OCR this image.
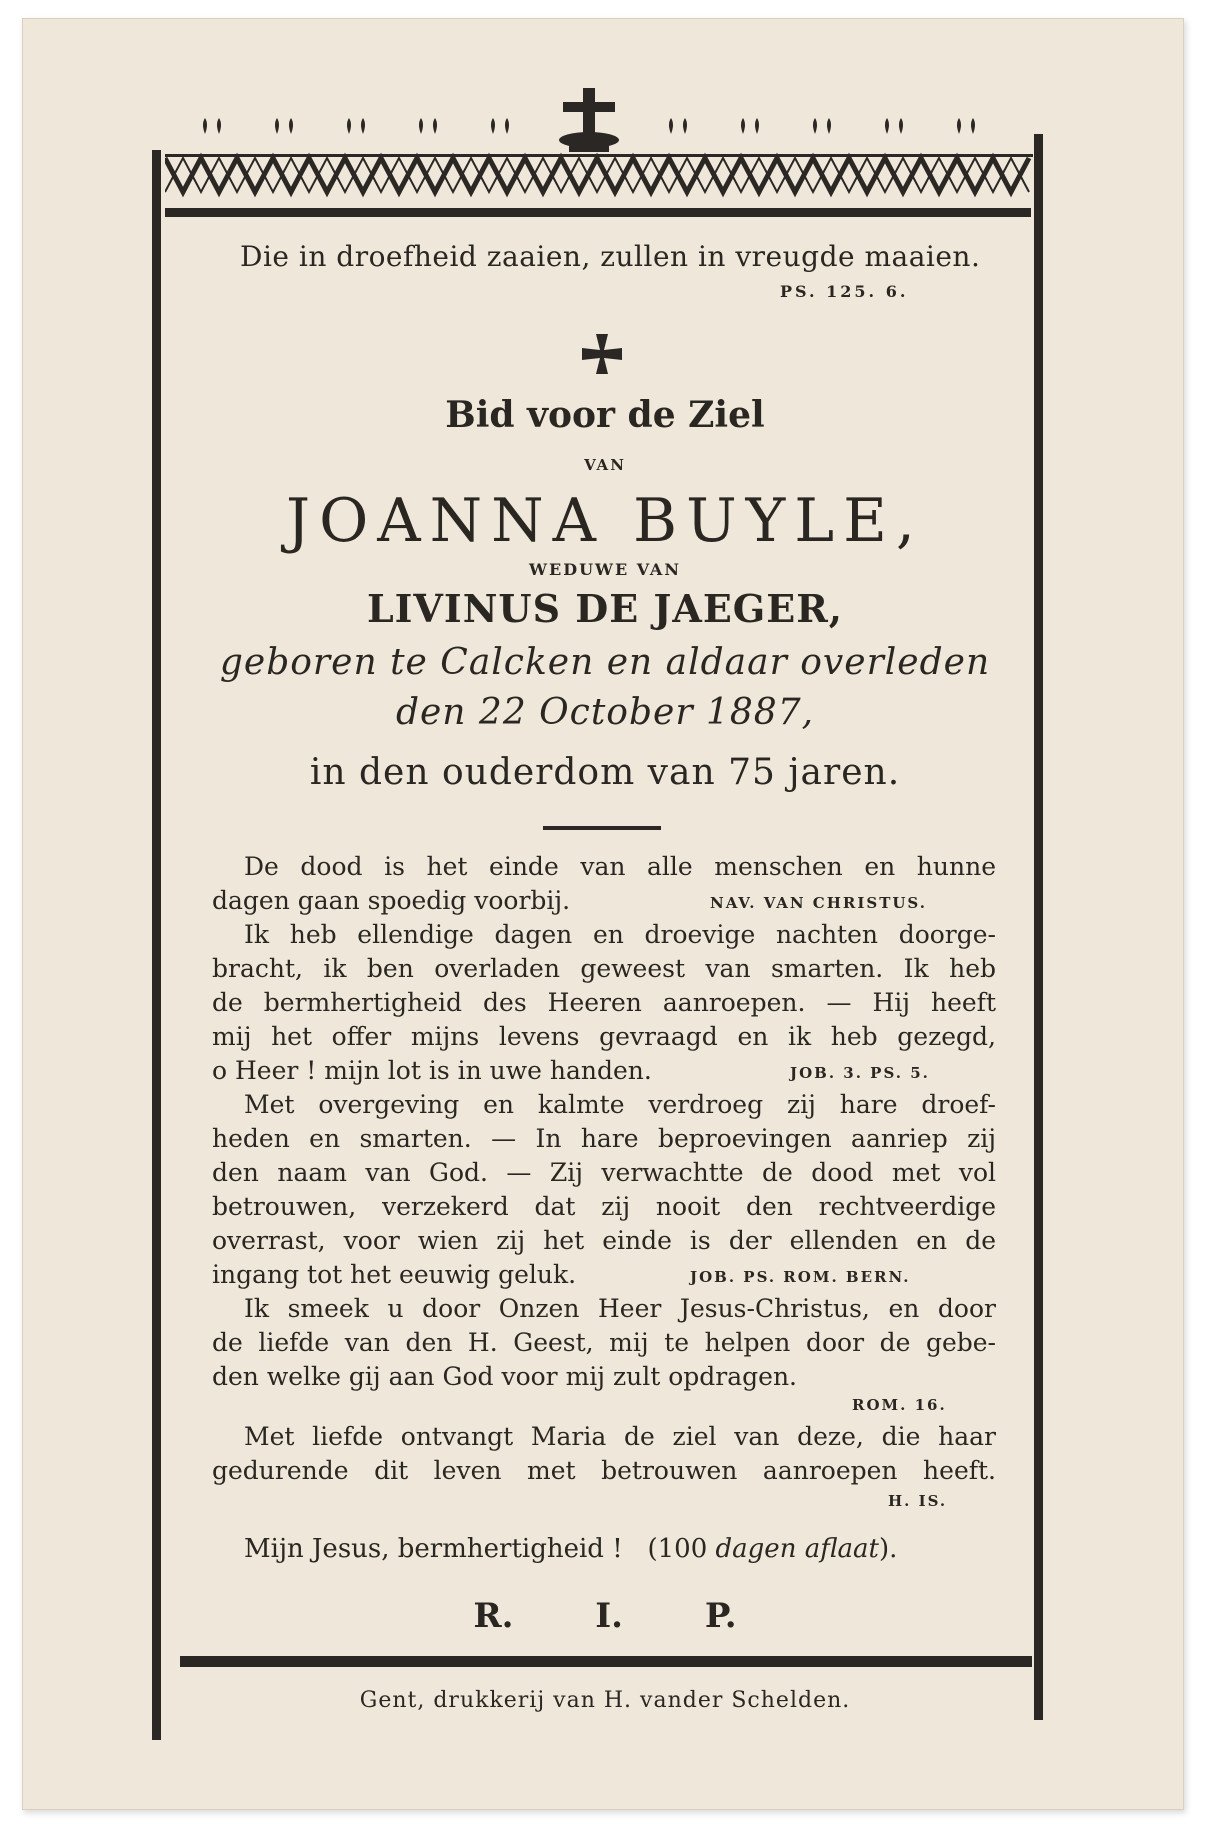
Die in droefheid zaaien, zullen in vreugde maaien.
PS. 125. 6.
Bid voor de Ziel
VAN
JOANNA BUYLE,
WEDUWE VAN
LIVINUS DE JAEGER,
geboren te Calcken en aldaar overleden
den 22 October 1887,
in den ouderdom van 75 jaren.
De dood is het einde van alle menschen en hunne
dagen gaan spoedig voorbij.	NAV. VAN CHRISTUS.
Ik heb ellendige dagen en droevige nachten doorge-
bracht, ik ben overladen geweest van smarten. Ik heb
de bermhertigheid des Heeren aanroepen. — Hij heeft
mij het offer mijns levens gevraagd en ik heb gezegd,
o Heer ! mijn lot is in uwe handen.	JOB. 3. PS. 5.
Met overgeving en kalmte verdroeg zij hare droef-
heden en smarten. — In hare beproevingen aanriep zij
den naam van God. — Zij verwachtte de dood met vol
betrouwen, verzekerd dat zij nooit den rechtveerdige
overrast, voor wien zij het einde is der ellenden en de
ingang tot het eeuwig geluk.	JOB. PS. ROM. BERN.
Ik smeek u door Onzen Heer Jesus-Christus, en door
de liefde van den H. Geest, mij te helpen door de gebe-
den welke gij aan God voor mij zult opdragen.
ROM. 16.
Met liefde ontvangt Maria de ziel van deze, die haar
gedurende dit leven met betrouwen aanroepen heeft.
H. IS.
Mijn Jesus, bermhertigheid ! (100 dagen aflaat).
R. I. P.
Gent, drukkerij van H. vander Schelden.
